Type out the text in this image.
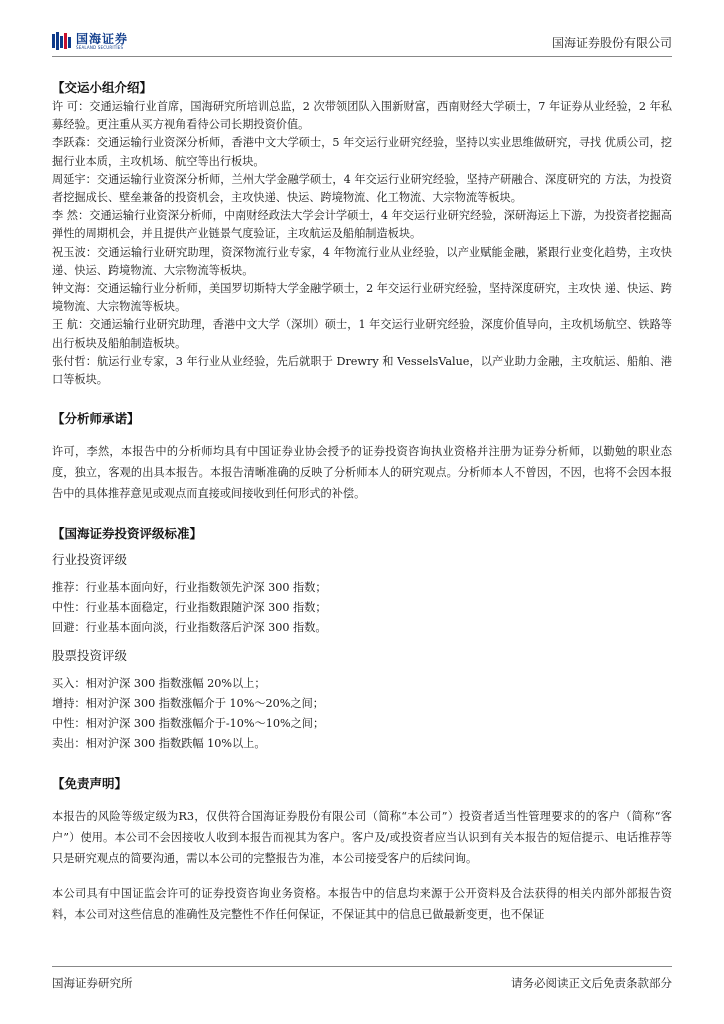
国海证券
SEALAND SECURITIES	国海证券股份有限公司
【交运小组介绍】

许 可：交通运输行业首席，国海研究所培训总监，2 次带领团队入围新财富，西南财经大学硕士，7 年证券从业经验，2 年私募经验。更注重从买方视角看待公司长期投资价值。

李跃森：交通运输行业资深分析师，香港中文大学硕士，5 年交运行业研究经验，坚持以实业思维做研究，寻找 优质公司，挖掘行业本质，主攻机场、航空等出行板块。

周延宇：交通运输行业资深分析师，兰州大学金融学硕士，4 年交运行业研究经验，坚持产研融合、深度研究的 方法，为投资者挖掘成长、壁垒兼备的投资机会，主攻快递、快运、跨境物流、化工物流、大宗物流等板块。

李 然：交通运输行业资深分析师，中南财经政法大学会计学硕士，4 年交运行业研究经验，深研海运上下游，为投资者挖掘高弹性的周期机会，并且提供产业链景气度验证，主攻航运及船舶制造板块。

祝玉波：交通运输行业研究助理，资深物流行业专家，4 年物流行业从业经验，以产业赋能金融，紧跟行业变化趋势，主攻快递、快运、跨境物流、大宗物流等板块。

钟文海：交通运输行业分析师，美国罗切斯特大学金融学硕士，2 年交运行业研究经验，坚持深度研究，主攻快 递、快运、跨境物流、大宗物流等板块。

王 航：交通运输行业研究助理，香港中文大学（深圳）硕士，1 年交运行业研究经验，深度价值导向，主攻机场航空、铁路等出行板块及船舶制造板块。

张付哲：航运行业专家，3 年行业从业经验，先后就职于 Drewry 和 VesselsValue，以产业助力金融，主攻航运、船舶、港口等板块。

【分析师承诺】

许可，李然，本报告中的分析师均具有中国证券业协会授予的证券投资咨询执业资格并注册为证券分析师，以勤勉的职业态度，独立，客观的出具本报告。本报告清晰准确的反映了分析师本人的研究观点。分析师本人不曾因，不因，也将不会因本报告中的具体推荐意见或观点而直接或间接收到任何形式的补偿。

【国海证券投资评级标准】
行业投资评级
推荐：行业基本面向好，行业指数领先沪深 300 指数；
中性：行业基本面稳定，行业指数跟随沪深 300 指数；
回避：行业基本面向淡，行业指数落后沪深 300 指数。
股票投资评级
买入：相对沪深 300 指数涨幅 20%以上；
增持：相对沪深 300 指数涨幅介于 10%～20%之间；
中性：相对沪深 300 指数涨幅介于-10%～10%之间；
卖出：相对沪深 300 指数跌幅 10%以上。
【免责声明】

本报告的风险等级定级为R3，仅供符合国海证券股份有限公司（简称“本公司”）投资者适当性管理要求的的客户（简称“客户”）使用。本公司不会因接收人收到本报告而视其为客户。客户及/或投资者应当认识到有关本报告的短信提示、电话推荐等只是研究观点的简要沟通，需以本公司的完整报告为准，本公司接受客户的后续问询。

本公司具有中国证监会许可的证券投资咨询业务资格。本报告中的信息均来源于公开资料及合法获得的相关内部外部报告资料，本公司对这些信息的准确性及完整性不作任何保证，不保证其中的信息已做最新变更，也不保证

国海证券研究所	请务必阅读正文后免责条款部分
